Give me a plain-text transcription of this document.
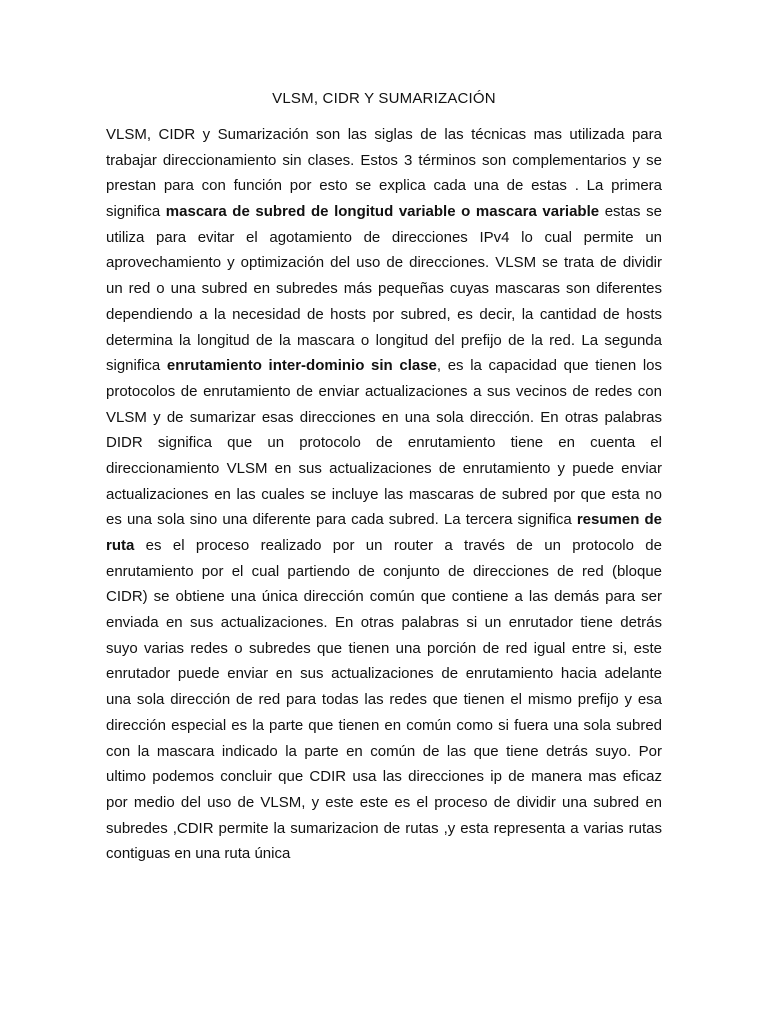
VLSM, CIDR Y SUMARIZACIÓN
VLSM, CIDR y Sumarización son las siglas de las técnicas mas utilizada para
trabajar direccionamiento sin clases. Estos 3 términos son complementarios y se
prestan para con función por esto se explica cada una de estas . La primera
significa mascara de subred de longitud variable o mascara variable estas se
utiliza para evitar el agotamiento de direcciones IPv4 lo cual permite un
aprovechamiento y optimización del uso de direcciones. VLSM se trata de dividir
un red o una subred en subredes más pequeñas cuyas mascaras son diferentes
dependiendo a la necesidad de hosts por subred, es decir, la cantidad de hosts
determina la longitud de la mascara o longitud del prefijo de la red. La segunda
significa enrutamiento inter-dominio sin clase, es la capacidad que tienen los
protocolos de enrutamiento de enviar actualizaciones a sus vecinos de redes con
VLSM y de sumarizar esas direcciones en una sola dirección. En otras palabras
DIDR significa que un protocolo de enrutamiento tiene en cuenta el
direccionamiento VLSM en sus actualizaciones de enrutamiento y puede enviar
actualizaciones en las cuales se incluye las mascaras de subred por que esta no
es una sola sino una diferente para cada subred. La tercera significa resumen de
ruta es el proceso realizado por un router a través de un protocolo de
enrutamiento por el cual partiendo de conjunto de direcciones de red (bloque
CIDR) se obtiene una única dirección común que contiene a las demás para ser
enviada en sus actualizaciones. En otras palabras si un enrutador tiene detrás
suyo varias redes o subredes que tienen una porción de red igual entre si, este
enrutador puede enviar en sus actualizaciones de enrutamiento hacia adelante
una sola dirección de red para todas las redes que tienen el mismo prefijo y esa
dirección especial es la parte que tienen en común como si fuera una sola subred
con la mascara indicado la parte en común de las que tiene detrás suyo. Por
ultimo podemos concluir que CDIR usa las direcciones ip de manera mas eficaz
por medio del uso de VLSM, y este este es el proceso de dividir una subred en
subredes ,CDIR permite la sumarizacion de rutas ,y esta representa a varias rutas
contiguas en una ruta única
